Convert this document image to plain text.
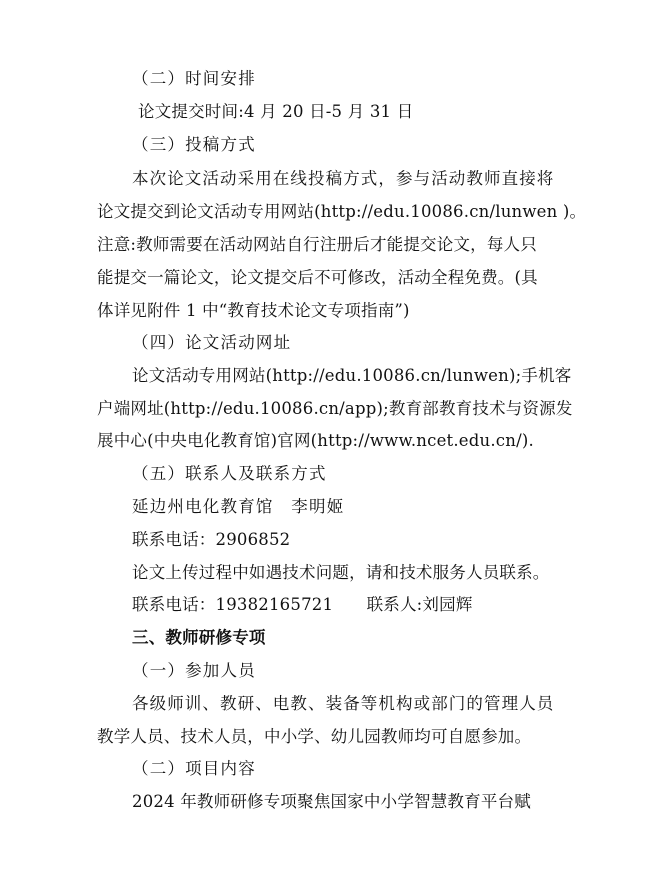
（二）时间安排
论文提交时间:4 月 20 日-5 月 31 日
（三）投稿方式
本次论文活动采用在线投稿方式，参与活动教师直接将
论文提交到论文活动专用网站(http://edu.10086.cn/lunwen )。
注意:教师需要在活动网站自行注册后才能提交论文，每人只
能提交一篇论文，论文提交后不可修改，活动全程免费。(具
体详见附件 1 中“教育技术论文专项指南”)
（四）论文活动网址
论文活动专用网站(http://edu.10086.cn/lunwen);手机客
户端网址(http://edu.10086.cn/app);教育部教育技术与资源发
展中心(中央电化教育馆)官网(http://www.ncet.edu.cn/).
（五）联系人及联系方式
延边州电化教育馆　李明姬
联系电话：2906852
论文上传过程中如遇技术问题，请和技术服务人员联系。
联系电话：19382165721　　联系人:刘园辉
三、教师研修专项
（一）参加人员
各级师训、教研、电教、装备等机构或部门的管理人员
教学人员、技术人员，中小学、幼儿园教师均可自愿参加。
（二）项目内容
2024 年教师研修专项聚焦国家中小学智慧教育平台赋
